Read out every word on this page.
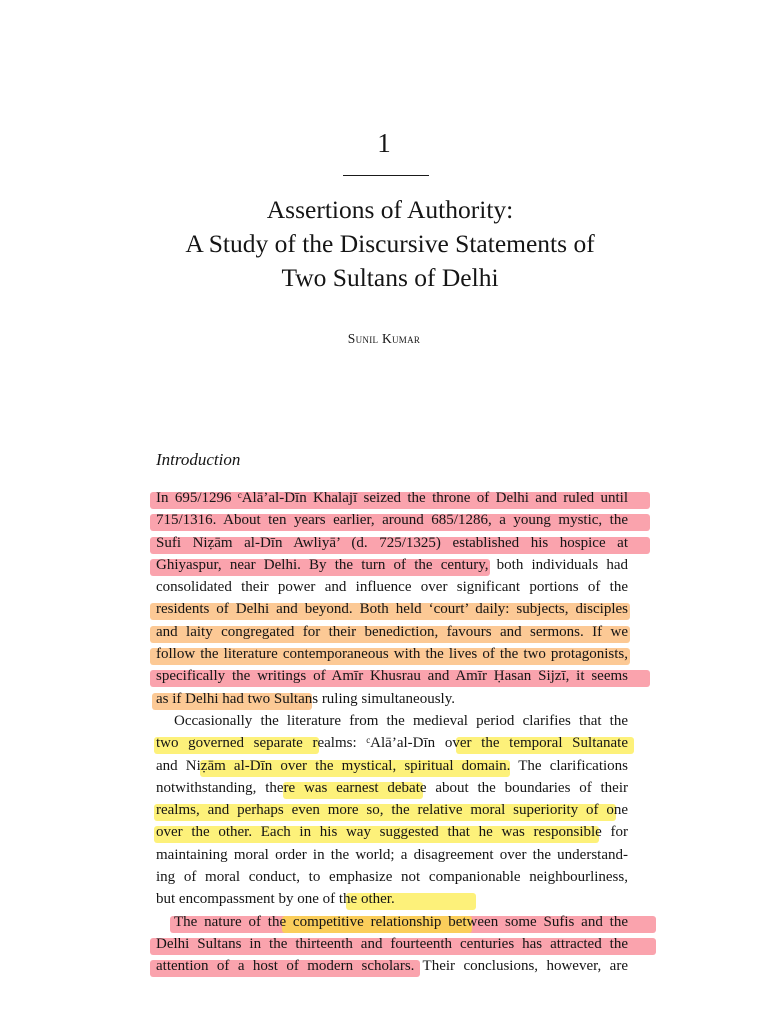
1
Assertions of Authority:
A Study of the Discursive Statements of
Two Sultans of Delhi
Sunil Kumar
Introduction
In 695/1296 ᶜAlā’al-Dīn Khalajī seized the throne of Delhi and ruled until
715/1316. About ten years earlier, around 685/1286, a young mystic, the
Sufi Niẓām al-Dīn Awliyā’ (d. 725/1325) established his hospice at
Ghiyaspur, near Delhi. By the turn of the century, both individuals had
consolidated their power and influence over significant portions of the
residents of Delhi and beyond. Both held ‘court’ daily: subjects, disciples
and laity congregated for their benediction, favours and sermons. If we
follow the literature contemporaneous with the lives of the two protagonists,
specifically the writings of Amīr Khusrau and Amīr Ḥasan Sijzī, it seems
as if Delhi had two Sultans ruling simultaneously.
Occasionally the literature from the medieval period clarifies that the
two governed separate realms: ᶜAlā’al-Dīn over the temporal Sultanate
and Niẓām al-Dīn over the mystical, spiritual domain. The clarifications
notwithstanding, there was earnest debate about the boundaries of their
realms, and perhaps even more so, the relative moral superiority of one
over the other. Each in his way suggested that he was responsible for
maintaining moral order in the world; a disagreement over the understand-
ing of moral conduct, to emphasize not companionable neighbourliness,
but encompassment by one of the other.
The nature of the competitive relationship between some Sufis and the
Delhi Sultans in the thirteenth and fourteenth centuries has attracted the
attention of a host of modern scholars. Their conclusions, however, are
